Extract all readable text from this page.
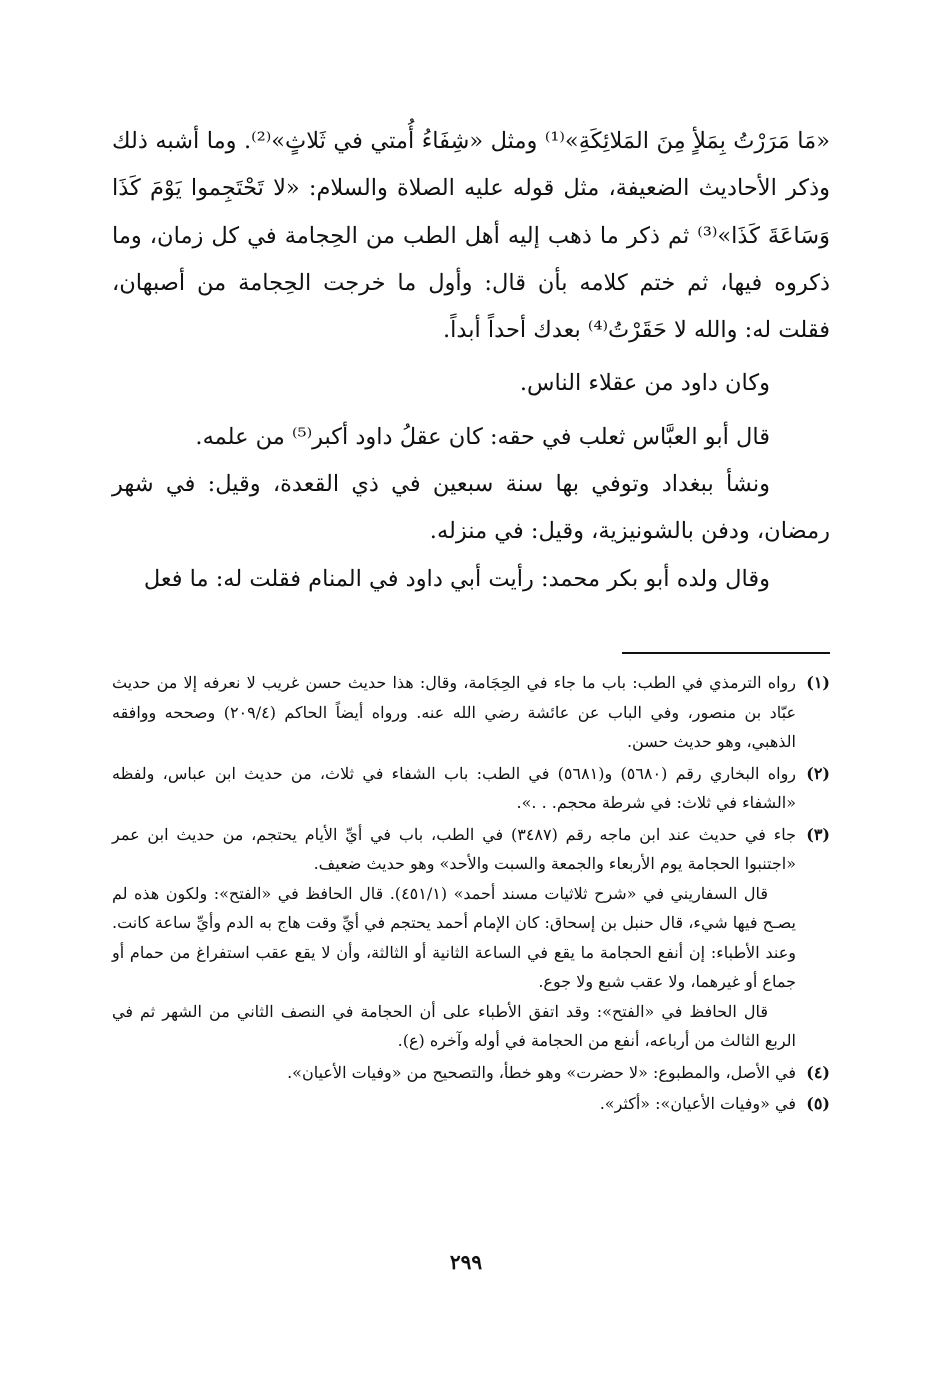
«مَا مَرَرْتُ بِمَلأٍ مِنَ المَلائِكَةِ»⁽¹⁾ ومثل «شِفَاءُ أُمتي في ثَلاثٍ»⁽²⁾. وما أشبه ذلك وذكر الأحاديث الضعيفة، مثل قوله عليه الصلاة والسلام: «لا تَحْتَجِموا يَوْمَ كَذَا وَسَاعَةَ كَذَا»⁽³⁾ ثم ذكر ما ذهب إليه أهل الطب من الحِجامة في كل زمان، وما ذكروه فيها، ثم ختم كلامه بأن قال: وأول ما خرجت الحِجامة من أصبهان، فقلت له: والله لا حَقَرْتُ⁽⁴⁾ بعدك أحداً أبداً.

وكان داود من عقلاء الناس.

قال أبو العبَّاس ثعلب في حقه: كان عقلُ داود أكبر⁽⁵⁾ من علمه.

ونشأ ببغداد وتوفي بها سنة سبعين في ذي القعدة، وقيل: في شهر رمضان، ودفن بالشونيزية، وقيل: في منزله.

وقال ولده أبو بكر محمد: رأيت أبي داود في المنام فقلت له: ما فعل

(١)
رواه الترمذي في الطب: باب ما جاء في الحِجَامة، وقال: هذا حديث حسن غريب لا نعرفه إلا من حديث عبّاد بن منصور، وفي الباب عن عائشة رضي الله عنه. ورواه أيضاً الحاكم (٢٠٩/٤) وصححه ووافقه الذهبي، وهو حديث حسن.
(٢)
رواه البخاري رقم (٥٦٨٠) و(٥٦٨١) في الطب: باب الشفاء في ثلاث، من حديث ابن عباس، ولفظه «الشفاء في ثلاث: في شرطة محجم. . .».
(٣)

جاء في حديث عند ابن ماجه رقم (٣٤٨٧) في الطب، باب في أيِّ الأيام يحتجم، من حديث ابن عمر «اجتنبوا الحجامة يوم الأربعاء والجمعة والسبت والأحد» وهو حديث ضعيف.

قال السفاريني في «شرح ثلاثيات مسند أحمد» (٤٥١/١). قال الحافظ في «الفتح»: ولكون هذه لم يصـح فيها شيء، قال حنبل بن إسحاق: كان الإمام أحمد يحتجم في أيِّ وقت هاج به الدم وأيِّ ساعة كانت. وعند الأطباء: إن أنفع الحجامة ما يقع في الساعة الثانية أو الثالثة، وأن لا يقع عقب استفراغ من حمام أو جماع أو غيرهما، ولا عقب شبع ولا جوع.

قال الحافظ في «الفتح»: وقد اتفق الأطباء على أن الحجامة في النصف الثاني من الشهر ثم في الربع الثالث من أرباعه، أنفع من الحجامة في أوله وآخره (ع).

(٤)
في الأصل، والمطبوع: «لا حضرت» وهو خطأ، والتصحيح من «وفيات الأعيان».
(٥)
في «وفيات الأعيان»: «أكثر».
٢٩٩
